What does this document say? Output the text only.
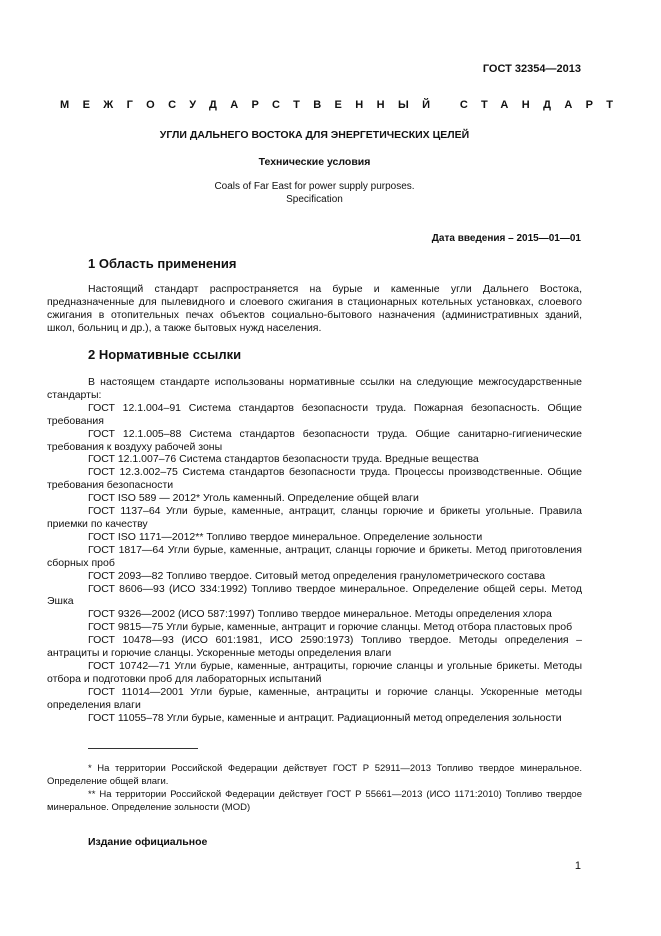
ГОСТ 32354—2013
МЕЖГОСУДАРСТВЕННЫЙ СТАНДАРТ
УГЛИ ДАЛЬНЕГО ВОСТОКА ДЛЯ ЭНЕРГЕТИЧЕСКИХ ЦЕЛЕЙ
Технические условия
Coals of Far East for power supply purposes.
Specification
Дата введения – 2015—01—01
1 Область применения

Настоящий стандарт распространяется на бурые и каменные угли Дальнего Востока, предназначенные для пылевидного и слоевого сжигания в стационарных котельных установках, слоевого сжигания в отопительных печах объектов социально-бытового назначения (административных зданий, школ, больниц и др.), а также бытовых нужд населения.

2 Нормативные ссылки

В настоящем стандарте использованы нормативные ссылки на следующие межгосударственные стандарты:

ГОСТ 12.1.004–91 Система стандартов безопасности труда. Пожарная безопасность. Общие требования

ГОСТ 12.1.005–88 Система стандартов безопасности труда. Общие санитарно-гигиенические требования к воздуху рабочей зоны

ГОСТ 12.1.007–76 Система стандартов безопасности труда. Вредные вещества

ГОСТ 12.3.002–75 Система стандартов безопасности труда. Процессы производственные. Общие требования безопасности

ГОСТ ISO 589 — 2012* Уголь каменный. Определение общей влаги

ГОСТ 1137–64 Угли бурые, каменные, антрацит, сланцы горючие и брикеты угольные. Правила приемки по качеству

ГОСТ ISO 1171—2012** Топливо твердое минеральное. Определение зольности

ГОСТ 1817—64 Угли бурые, каменные, антрацит, сланцы горючие и брикеты. Метод приготовления сборных проб

ГОСТ 2093—82 Топливо твердое. Ситовый метод определения гранулометрического состава

ГОСТ 8606—93 (ИСО 334:1992) Топливо твердое минеральное. Определение общей серы. Метод Эшка

ГОСТ 9326—2002 (ИСО 587:1997) Топливо твердое минеральное. Методы определения хлора

ГОСТ 9815—75 Угли бурые, каменные, антрацит и горючие сланцы. Метод отбора пластовых проб

ГОСТ 10478—93 (ИСО 601:1981, ИСО 2590:1973) Топливо твердое. Методы определения – антрациты и горючие сланцы. Ускоренные методы определения влаги

ГОСТ 10742—71 Угли бурые, каменные, антрациты, горючие сланцы и угольные брикеты. Методы отбора и подготовки проб для лабораторных испытаний

ГОСТ 11014—2001 Угли бурые, каменные, антрациты и горючие сланцы. Ускоренные методы определения влаги

ГОСТ 11055–78 Угли бурые, каменные и антрацит. Радиационный метод определения зольности

* На территории Российской Федерации действует ГОСТ Р 52911—2013 Топливо твердое минеральное. Определение общей влаги.

** На территории Российской Федерации действует ГОСТ Р 55661—2013 (ИСО 1171:2010) Топливо твердое минеральное. Определение зольности (MOD)

Издание официальное
1
